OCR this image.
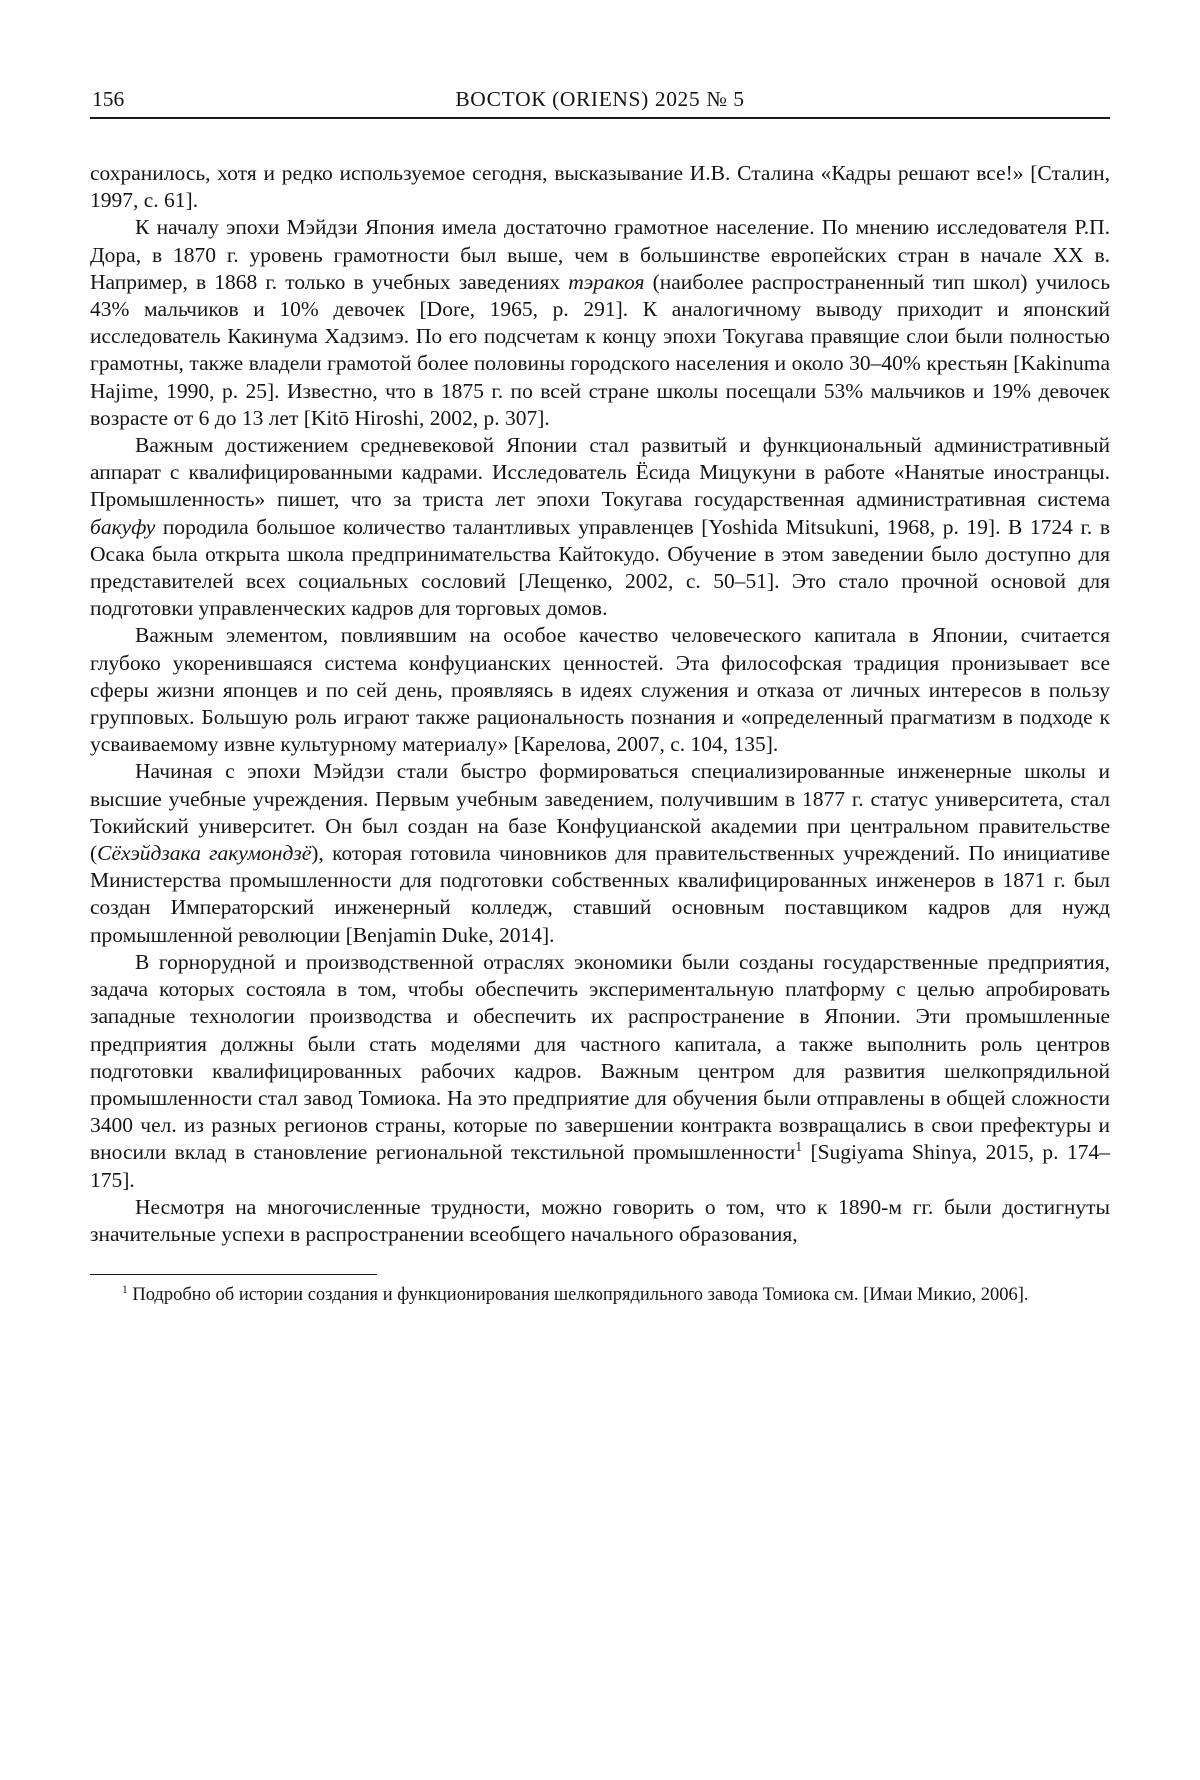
156	ВОСТОК (ORIENS) 2025 № 5

сохранилось, хотя и редко используемое сегодня, высказывание И.В. Сталина «Кадры решают все!» [Сталин, 1997, с. 61].

К началу эпохи Мэйдзи Япония имела достаточно грамотное население. По мнению исследователя Р.П. Дора, в 1870 г. уровень грамотности был выше, чем в большинстве европейских стран в начале XX в. Например, в 1868 г. только в учебных заведениях тэракоя (наиболее распространенный тип школ) училось 43% мальчиков и 10% девочек [Dore, 1965, p. 291]. К аналогичному выводу приходит и японский исследователь Какинума Хадзимэ. По его подсчетам к концу эпохи Токугава правящие слои были полностью грамотны, также владели грамотой более половины городского населения и около 30–40% крестьян [Kakinuma Hajime, 1990, p. 25]. Известно, что в 1875 г. по всей стране школы посещали 53% мальчиков и 19% девочек возрасте от 6 до 13 лет [Kitō Hiroshi, 2002, p. 307].

Важным достижением средневековой Японии стал развитый и функциональный административный аппарат с квалифицированными кадрами. Исследователь Ёсида Мицукуни в работе «Нанятые иностранцы. Промышленность» пишет, что за триста лет эпохи Токугава государственная административная система бакуфу породила большое количество талантливых управленцев [Yoshida Mitsukuni, 1968, p. 19]. В 1724 г. в Осака была открыта школа предпринимательства Кайтокудо. Обучение в этом заведении было доступно для представителей всех социальных сословий [Лещенко, 2002, с. 50–51]. Это стало прочной основой для подготовки управленческих кадров для торговых домов.

Важным элементом, повлиявшим на особое качество человеческого капитала в Японии, считается глубоко укоренившаяся система конфуцианских ценностей. Эта философская традиция пронизывает все сферы жизни японцев и по сей день, проявляясь в идеях служения и отказа от личных интересов в пользу групповых. Большую роль играют также рациональность познания и «определенный прагматизм в подходе к усваиваемому извне культурному материалу» [Карелова, 2007, с. 104, 135].

Начиная с эпохи Мэйдзи стали быстро формироваться специализированные инженерные школы и высшие учебные учреждения. Первым учебным заведением, получившим в 1877 г. статус университета, стал Токийский университет. Он был создан на базе Конфуцианской академии при центральном правительстве (Сёхэйдзака гакумондзё), которая готовила чиновников для правительственных учреждений. По инициативе Министерства промышленности для подготовки собственных квалифицированных инженеров в 1871 г. был создан Императорский инженерный колледж, ставший основным поставщиком кадров для нужд промышленной революции [Benjamin Duke, 2014].

В горнорудной и производственной отраслях экономики были созданы государственные предприятия, задача которых состояла в том, чтобы обеспечить экспериментальную платформу с целью апробировать западные технологии производства и обеспечить их распространение в Японии. Эти промышленные предприятия должны были стать моделями для частного капитала, а также выполнить роль центров подготовки квалифицированных рабочих кадров. Важным центром для развития шелкопрядильной промышленности стал завод Томиока. На это предприятие для обучения были отправлены в общей сложности 3400 чел. из разных регионов страны, которые по завершении контракта возвращались в свои префектуры и вносили вклад в становление региональной текстильной промышленности$^1$ [Sugiyama Shinya, 2015, p. 174–175].

Несмотря на многочисленные трудности, можно говорить о том, что к 1890-м гг. были достигнуты значительные успехи в распространении всеобщего начального образования,

$^1$ Подробно об истории создания и функционирования шелкопрядильного завода Томиока см. [Имаи Микио, 2006].
